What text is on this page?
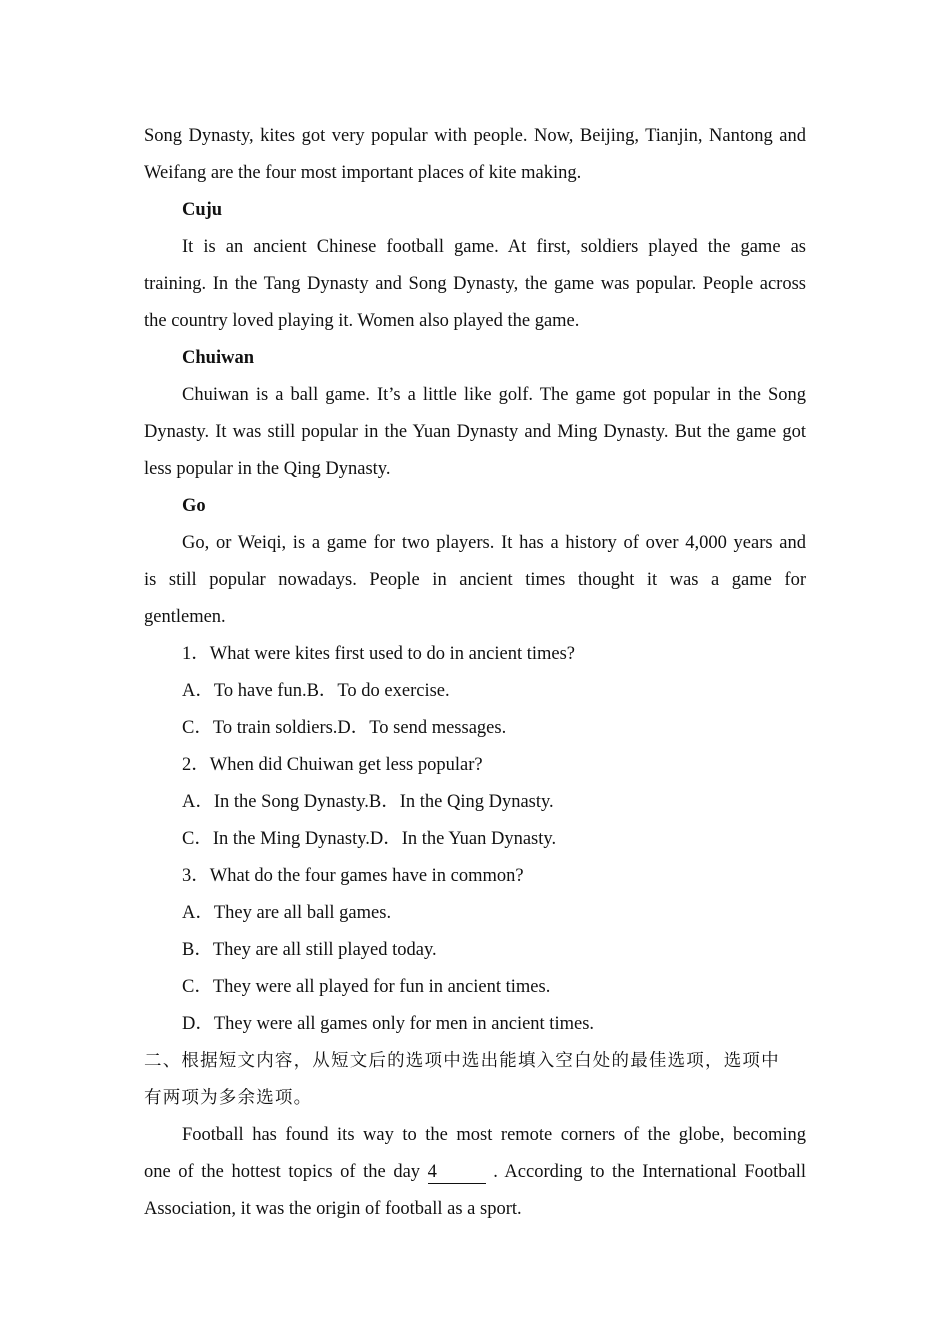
Song Dynasty, kites got very popular with people. Now, Beijing, Tianjin, Nantong and

Weifang are the four most important places of kite making.

Cuju

It is an ancient Chinese football game. At first, soldiers played the game as

training. In the Tang Dynasty and Song Dynasty, the game was popular. People across

the country loved playing it. Women also played the game.

Chuiwan

Chuiwan is a ball game. It’s a little like golf. The game got popular in the Song

Dynasty. It was still popular in the Yuan Dynasty and Ming Dynasty. But the game got

less popular in the Qing Dynasty.

Go

Go, or Weiqi, is a game for two players. It has a history of over 4,000 years and

is still popular nowadays. People in ancient times thought it was a game for

gentlemen.

1．What were kites first used to do in ancient times?

A．To have fun.B．To do exercise.

C．To train soldiers.D．To send messages.

2．When did Chuiwan get less popular?

A．In the Song Dynasty.B．In the Qing Dynasty.

C．In the Ming Dynasty.D．In the Yuan Dynasty.

3．What do the four games have in common?

A．They are all ball games.

B．They are all still played today.

C．They were all played for fun in ancient times.

D．They were all games only for men in ancient times.

二、根据短文内容，从短文后的选项中选出能填入空白处的最佳选项，选项中

有两项为多余选项。

Football has found its way to the most remote corners of the globe, becoming

one of the hottest topics of the day 4	. According to the International Football

Association, it was the origin of football as a sport.
